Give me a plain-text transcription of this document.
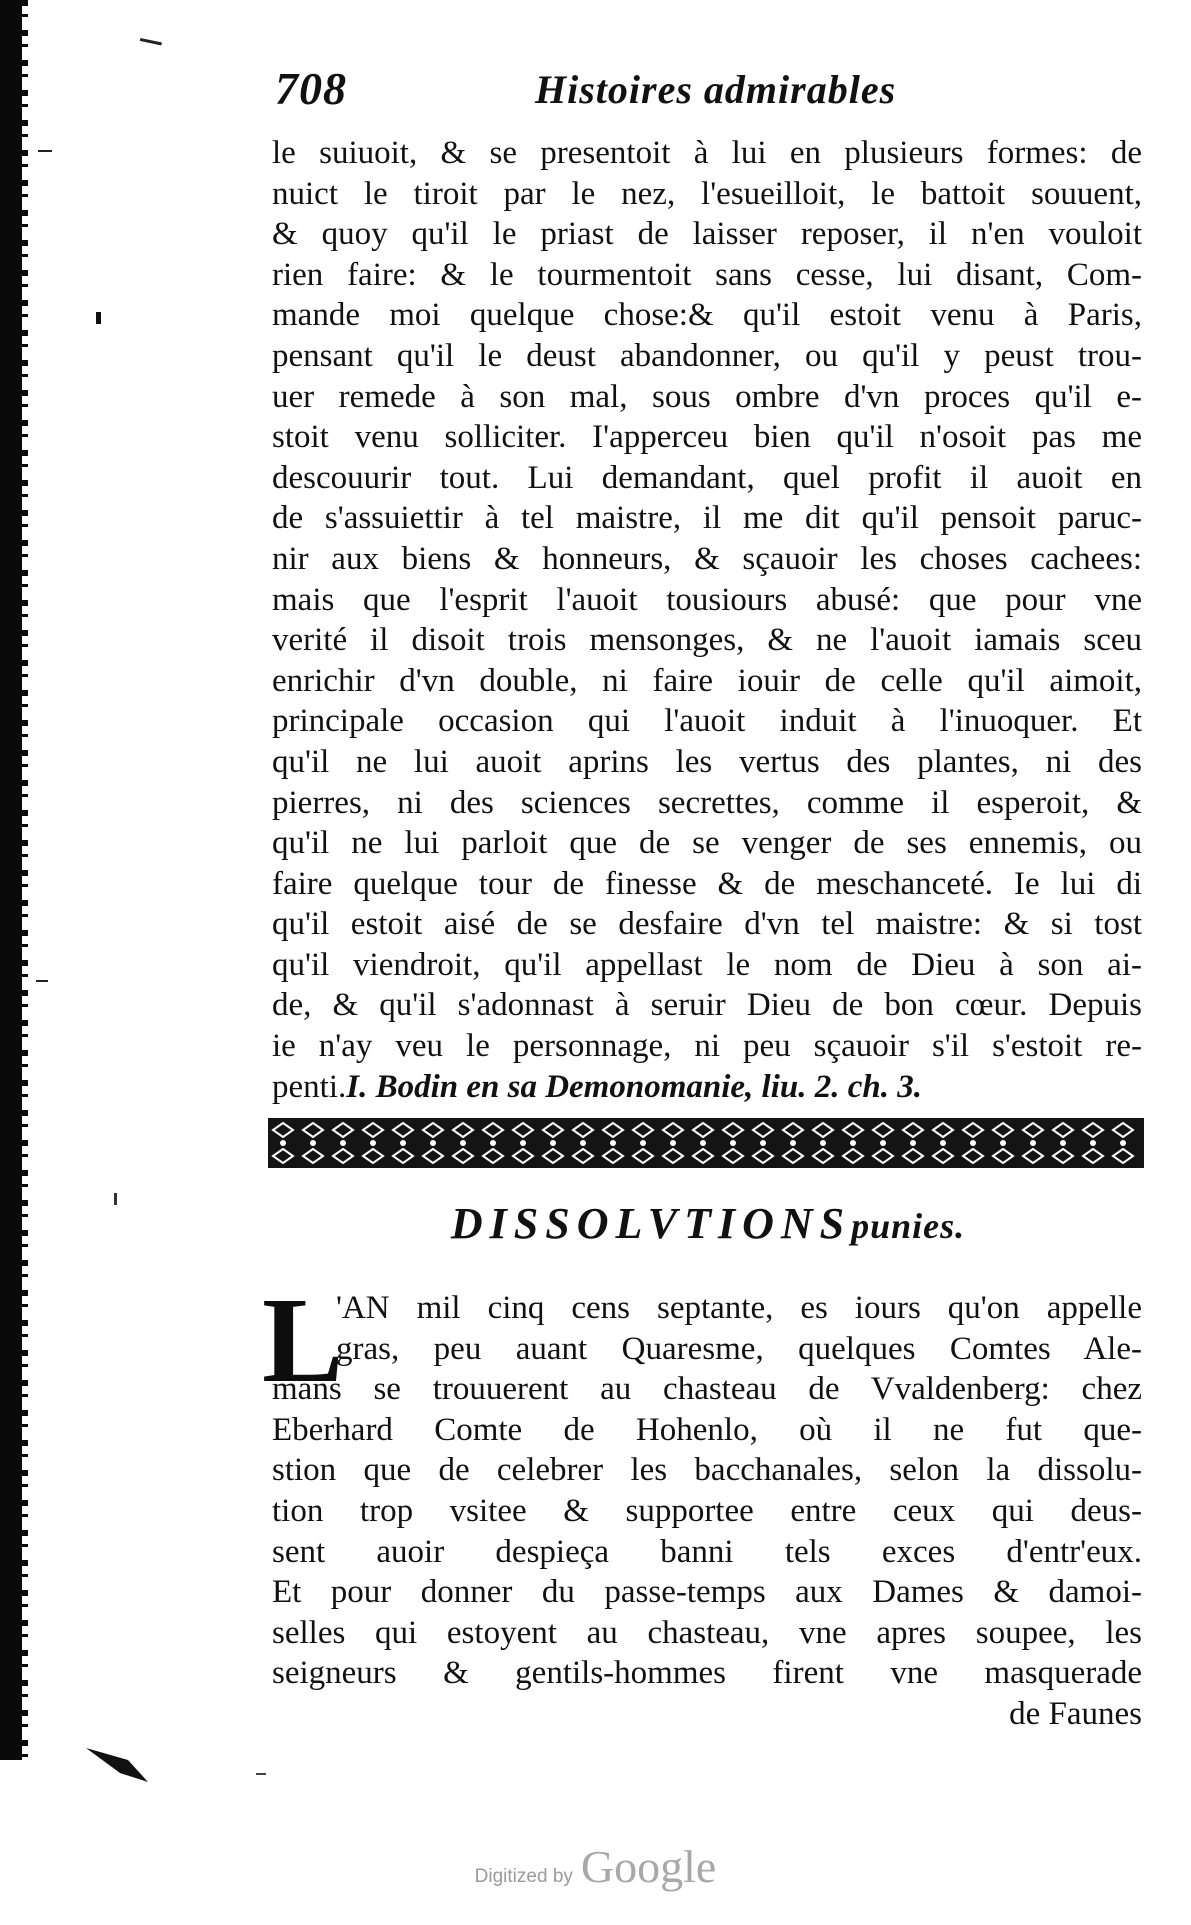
708	Histoires admirables
le suiuoit, & se presentoit à lui en plusieurs formes: de
nuict le tiroit par le nez, l'esueilloit, le battoit souuent,
& quoy qu'il le priast de laisser reposer, il n'en vouloit
rien faire: & le tourmentoit sans cesse, lui disant, Com-
mande moi quelque chose:& qu'il estoit venu à Paris,
pensant qu'il le deust abandonner, ou qu'il y peust trou-
uer remede à son mal, sous ombre d'vn proces qu'il e-
stoit venu solliciter. I'apperceu bien qu'il n'osoit pas me
descouurir tout. Lui demandant, quel profit il auoit en
de s'assuiettir à tel maistre, il me dit qu'il pensoit paruc-
nir aux biens & honneurs, & sçauoir les choses cachees:
mais que l'esprit l'auoit tousiours abusé: que pour vne
verité il disoit trois mensonges, & ne l'auoit iamais sceu
enrichir d'vn double, ni faire iouir de celle qu'il aimoit,
principale occasion qui l'auoit induit à l'inuoquer. Et
qu'il ne lui auoit aprins les vertus des plantes, ni des
pierres, ni des sciences secrettes, comme il esperoit, &
qu'il ne lui parloit que de se venger de ses ennemis, ou
faire quelque tour de finesse & de meschanceté. Ie lui di
qu'il estoit aisé de se desfaire d'vn tel maistre: & si tost
qu'il viendroit, qu'il appellast le nom de Dieu à son ai-
de, & qu'il s'adonnast à seruir Dieu de bon cœur. Depuis
ie n'ay veu le personnage, ni peu sçauoir s'il s'estoit re-
penti.I. Bodin en sa Demonomanie, liu. 2. ch. 3.
DISSOLVTIONSpunies.
L
'AN mil cinq cens septante, es iours qu'on appelle
gras, peu auant Quaresme, quelques Comtes Ale-
mans se trouuerent au chasteau de Vvaldenberg: chez
Eberhard Comte de Hohenlo, où il ne fut que-
stion que de celebrer les bacchanales, selon la dissolu-
tion trop vsitee & supportee entre ceux qui deus-
sent auoir despieça banni tels exces d'entr'eux.
Et pour donner du passe-temps aux Dames & damoi-
selles qui estoyent au chasteau, vne apres soupee, les
seigneurs & gentils-hommes firent vne masquerade
de Faunes
Digitized by Google
